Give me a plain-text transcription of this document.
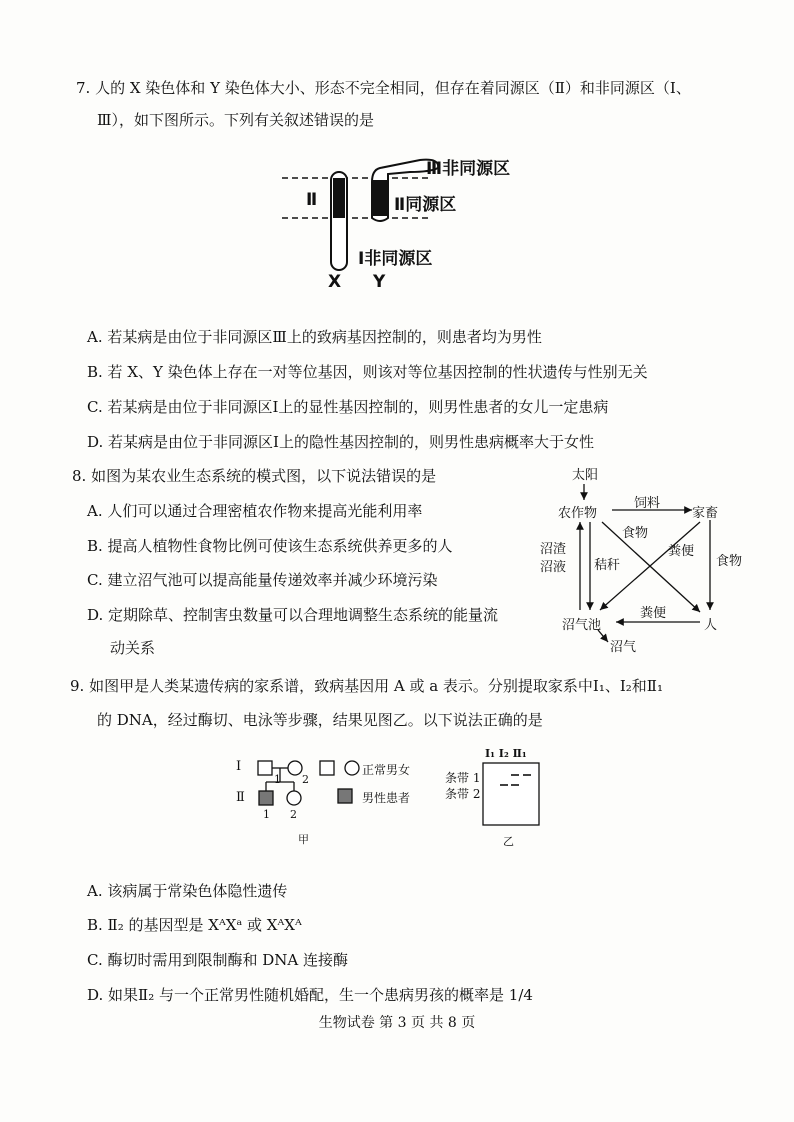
7. 人的 X 染色体和 Y 染色体大小、形态不完全相同，但存在着同源区（Ⅱ）和非同源区（Ⅰ、
Ⅲ），如下图所示。下列有关叙述错误的是
Ⅲ非同源区
Ⅱ	Ⅱ同源区
Ⅰ非同源区
X Y
A. 若某病是由位于非同源区Ⅲ上的致病基因控制的，则患者均为男性
B. 若 X、Y 染色体上存在一对等位基因，则该对等位基因控制的性状遗传与性别无关
C. 若某病是由位于非同源区Ⅰ上的显性基因控制的，则男性患者的女儿一定患病
D. 若某病是由位于非同源区Ⅰ上的隐性基因控制的，则男性患病概率大于女性
8. 如图为某农业生态系统的模式图，以下说法错误的是
A. 人们可以通过合理密植农作物来提高光能利用率
B. 提高人植物性食物比例可使该生态系统供养更多的人
C. 建立沼气池可以提高能量传递效率并减少环境污染
D. 定期除草、控制害虫数量可以合理地调整生态系统的能量流
动关系
太阳
农作物
饲料
家畜
食物
粪便
沼渣
沼液 秸秆	食物
沼气池
粪便
人
沼气
9. 如图甲是人类某遗传病的家系谱，致病基因用 A 或 a 表示。分别提取家系中Ⅰ₁、Ⅰ₂和Ⅱ₁
的 DNA，经过酶切、电泳等步骤，结果见图乙。以下说法正确的是
Ⅰ
Ⅱ
1 2
1 2
正常男女
男性患者
甲
Ⅰ₁ Ⅰ₂ Ⅱ₁
条带 1
条带 2
乙
A. 该病属于常染色体隐性遗传
B. Ⅱ₂ 的基因型是 XᴬXᵃ 或 XᴬXᴬ
C. 酶切时需用到限制酶和 DNA 连接酶
D. 如果Ⅱ₂ 与一个正常男性随机婚配，生一个患病男孩的概率是 1/4
生物试卷 第 3 页 共 8 页
